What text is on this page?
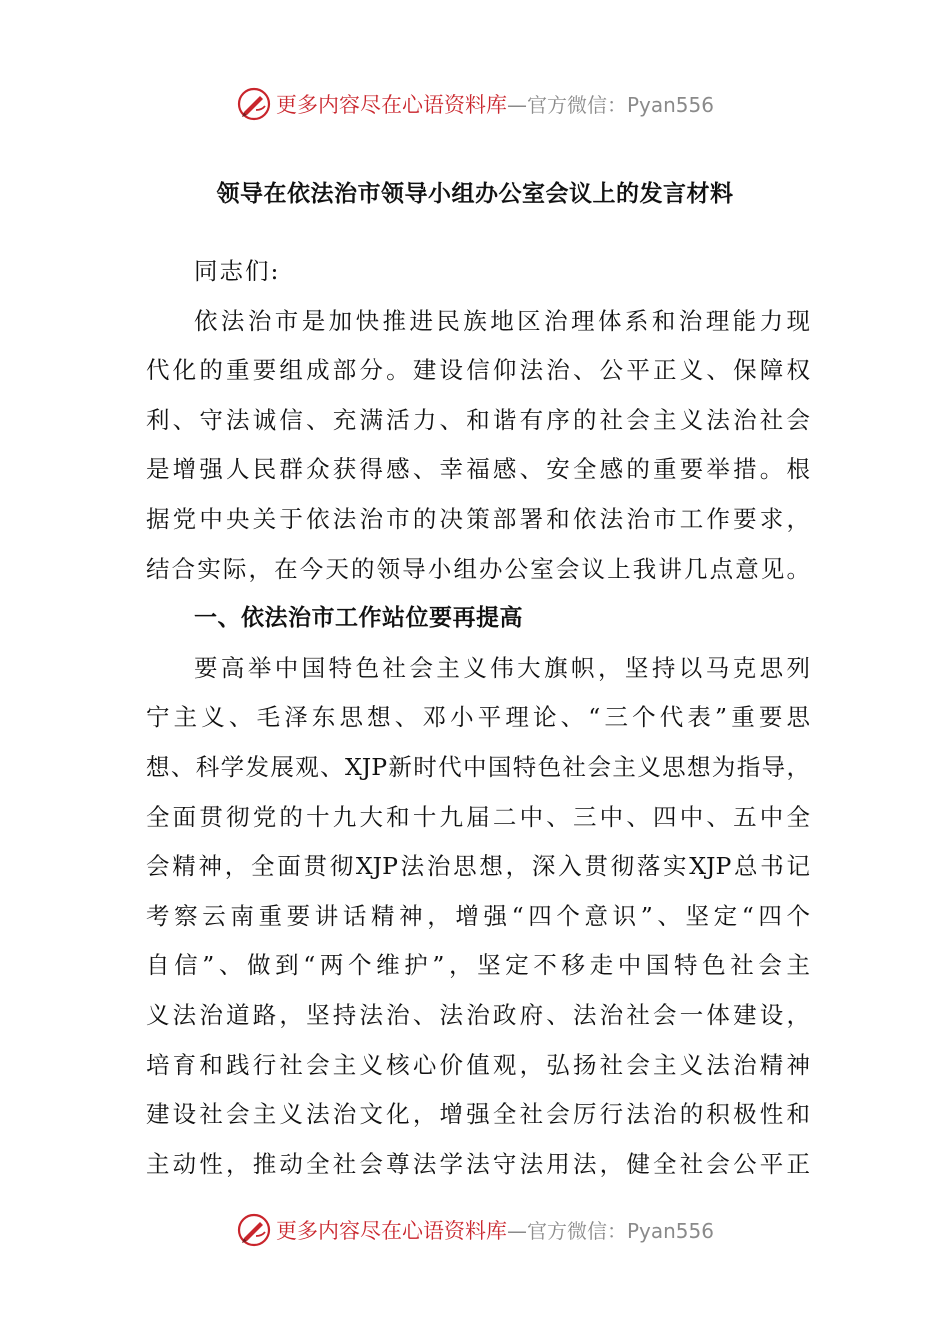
更多内容尽在心语资料库—官方微信：Pyan556
领导在依法治市领导小组办公室会议上的发言材料
同志们:
依法治市是加快推进民族地区治理体系和治理能力现
代化的重要组成部分。建设信仰法治、公平正义、保障权
利、守法诚信、充满活力、和谐有序的社会主义法治社会
是增强人民群众获得感、幸福感、安全感的重要举措。根
据党中央关于依法治市的决策部署和依法治市工作要求，
结合实际，在今天的领导小组办公室会议上我讲几点意见。
一、依法治市工作站位要再提高
要高举中国特色社会主义伟大旗帜，坚持以马克思列
宁主义、毛泽东思想、邓小平理论、“三个代表”重要思
想、科学发展观、XJP新时代中国特色社会主义思想为指导，
全面贯彻党的十九大和十九届二中、三中、四中、五中全
会精神，全面贯彻XJP法治思想，深入贯彻落实XJP总书记
考察云南重要讲话精神，增强“四个意识”、坚定“四个
自信”、做到“两个维护”，坚定不移走中国特色社会主
义法治道路，坚持法治、法治政府、法治社会一体建设，
培育和践行社会主义核心价值观，弘扬社会主义法治精神
建设社会主义法治文化，增强全社会厉行法治的积极性和
主动性，推动全社会尊法学法守法用法，健全社会公平正
更多内容尽在心语资料库—官方微信：Pyan556
